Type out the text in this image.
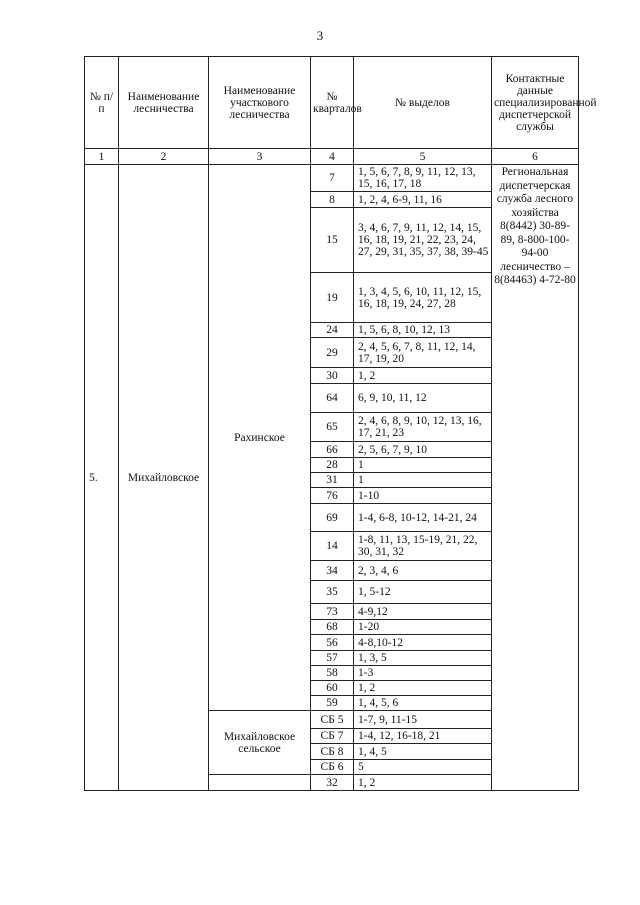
3
№ п/п	Наименование лесничества	Наименование участкового лесничества	№ кварталов	№ выделов	Контактные данные специализированной диспетчерской службы
1	2	3	4	5	6
5.	Михайловское	Рахинское	7	1, 5, 6, 7, 8, 9, 11, 12, 13, 15, 16, 17, 18	Региональная диспетчерская служба лесного хозяйства 8(8442) 30-89-89, 8-800-100-94-00 лесничество – 8(84463) 4-72-80
			8	1, 2, 4, 6-9, 11, 16	
			15	3, 4, 6, 7, 9, 11, 12, 14, 15, 16, 18, 19, 21, 22, 23, 24, 27, 29, 31, 35, 37, 38, 39-45	
			19	1, 3, 4, 5, 6, 10, 11, 12, 15, 16, 18, 19, 24, 27, 28	
			24	1, 5, 6, 8, 10, 12, 13	
			29	2, 4, 5, 6, 7, 8, 11, 12, 14, 17, 19, 20	
			30	1, 2	
			64	6, 9, 10, 11, 12	
			65	2, 4, 6, 8, 9, 10, 12, 13, 16, 17, 21, 23	
			66	2, 5, 6, 7, 9, 10	
			28	1	
			31	1	
			76	1-10	
			69	1-4, 6-8, 10-12, 14-21, 24	
			14	1-8, 11, 13, 15-19, 21, 22, 30, 31, 32	
			34	2, 3, 4, 6	
			35	1, 5-12	
			73	4-9,12	
			68	1-20	
			56	4-8,10-12	
			57	1, 3, 5	
			58	1-3	
			60	1, 2	
			59	1, 4, 5, 6	
		Михайловское сельское	СБ 5	1-7, 9, 11-15	
			СБ 7	1-4, 12, 16-18, 21	
			СБ 8	1, 4, 5	
			СБ 6	5	
			32	1, 2	
